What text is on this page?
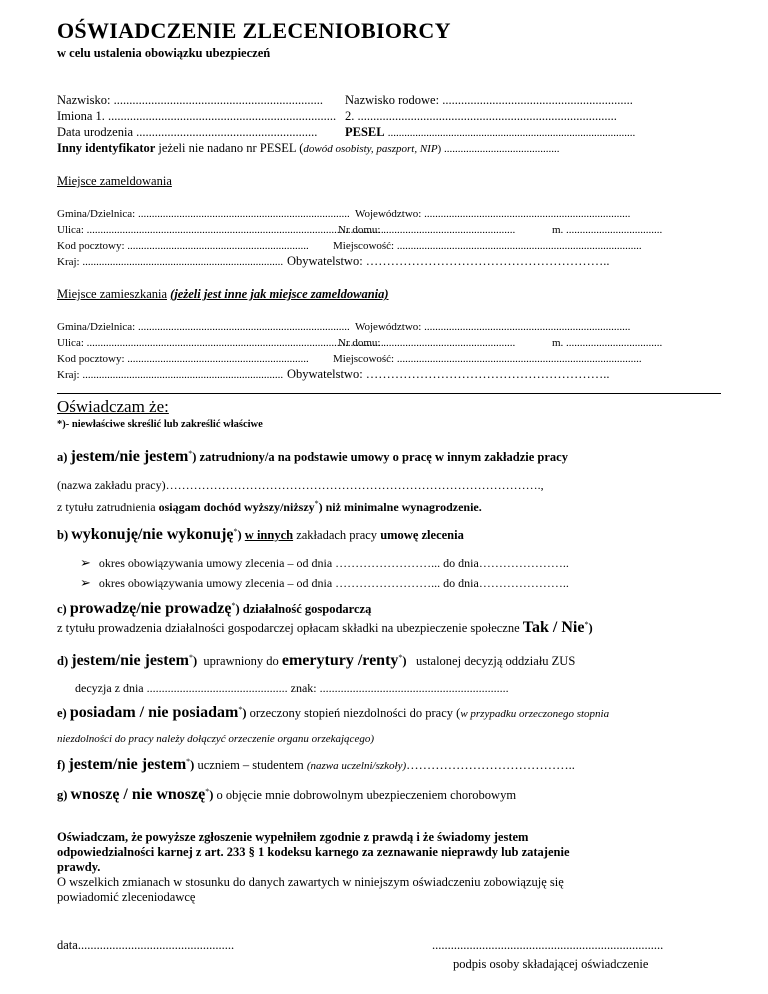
OŚWIADCZENIE ZLECENIOBIORCY
w celu ustalenia obowiązku ubezpieczeń
Nazwisko: ................................................................... Nazwisko rodowe: .............................................................
Imiona 1. ......................................................................... 2. ...................................................................................
Data urodzenia .......................................................... PESEL ..........................................................................................
Inny identyfikator jeżeli nie nadano nr PESEL (dowód osobisty, paszport, NIP) ..........................................
Miejsce zameldowania
Gmina/Dzielnica: ............................................................................. Województwo: ...........................................................................
Ulica: ............................................................................................................
Nr domu: ................................................	m. ...................................
Kod pocztowy: .................................................................. Miejscowość: .........................................................................................
Kraj: ......................................................................... Obywatelstwo: …………………………………………………..
Miejsce zamieszkania (jeżeli jest inne jak miejsce zameldowania)
Gmina/Dzielnica: ............................................................................. Województwo: ...........................................................................
Ulica: ............................................................................................................
Nr domu: ................................................	m. ...................................
Kod pocztowy: .................................................................. Miejscowość: .........................................................................................
Kraj: ......................................................................... Obywatelstwo: …………………………………………………..
Oświadczam że:
*)- niewłaściwe skreślić lub zakreślić właściwe
a) jestem/nie jestem*) zatrudniony/a na podstawie umowy o pracę w innym zakładzie pracy
(nazwa zakładu pracy)………………………………………………………………………………….,
z tytułu zatrudnienia osiągam dochód wyższy/niższy*) niż minimalne wynagrodzenie.
b) wykonuję/nie wykonuję*) w innych zakładach pracy umowę zlecenia
➢ okres obowiązywania umowy zlecenia – od dnia ……………………... do dnia…………………..
➢ okres obowiązywania umowy zlecenia – od dnia ……………………... do dnia…………………..
c) prowadzę/nie prowadzę*) działalność gospodarczą
z tytułu prowadzenia działalności gospodarczej opłacam składki na ubezpieczenie społeczne Tak / Nie*)
d) jestem/nie jestem*) uprawniony do emerytury /renty*) ustalonej decyzją oddziału ZUS
decyzja z dnia ............................................... znak: ...............................................................
e) posiadam / nie posiadam*) orzeczony stopień niezdolności do pracy (w przypadku orzeczonego stopnia
niezdolności do pracy należy dołączyć orzeczenie organu orzekającego)
f) jestem/nie jestem*) uczniem – studentem (nazwa uczelni/szkoły)…………………………………..
g) wnoszę / nie wnoszę*) o objęcie mnie dobrowolnym ubezpieczeniem chorobowym
Oświadczam, że powyższe zgłoszenie wypełniłem zgodnie z prawdą i że świadomy jestem
odpowiedzialności karnej z art. 233 § 1 kodeksu karnego za zeznawanie nieprawdy lub zatajenie
prawdy.
O wszelkich zmianach w stosunku do danych zawartych w niniejszym oświadczeniu zobowiązuję się
powiadomić zleceniodawcę
data..................................................	..........................................................................
podpis osoby składającej oświadczenie
